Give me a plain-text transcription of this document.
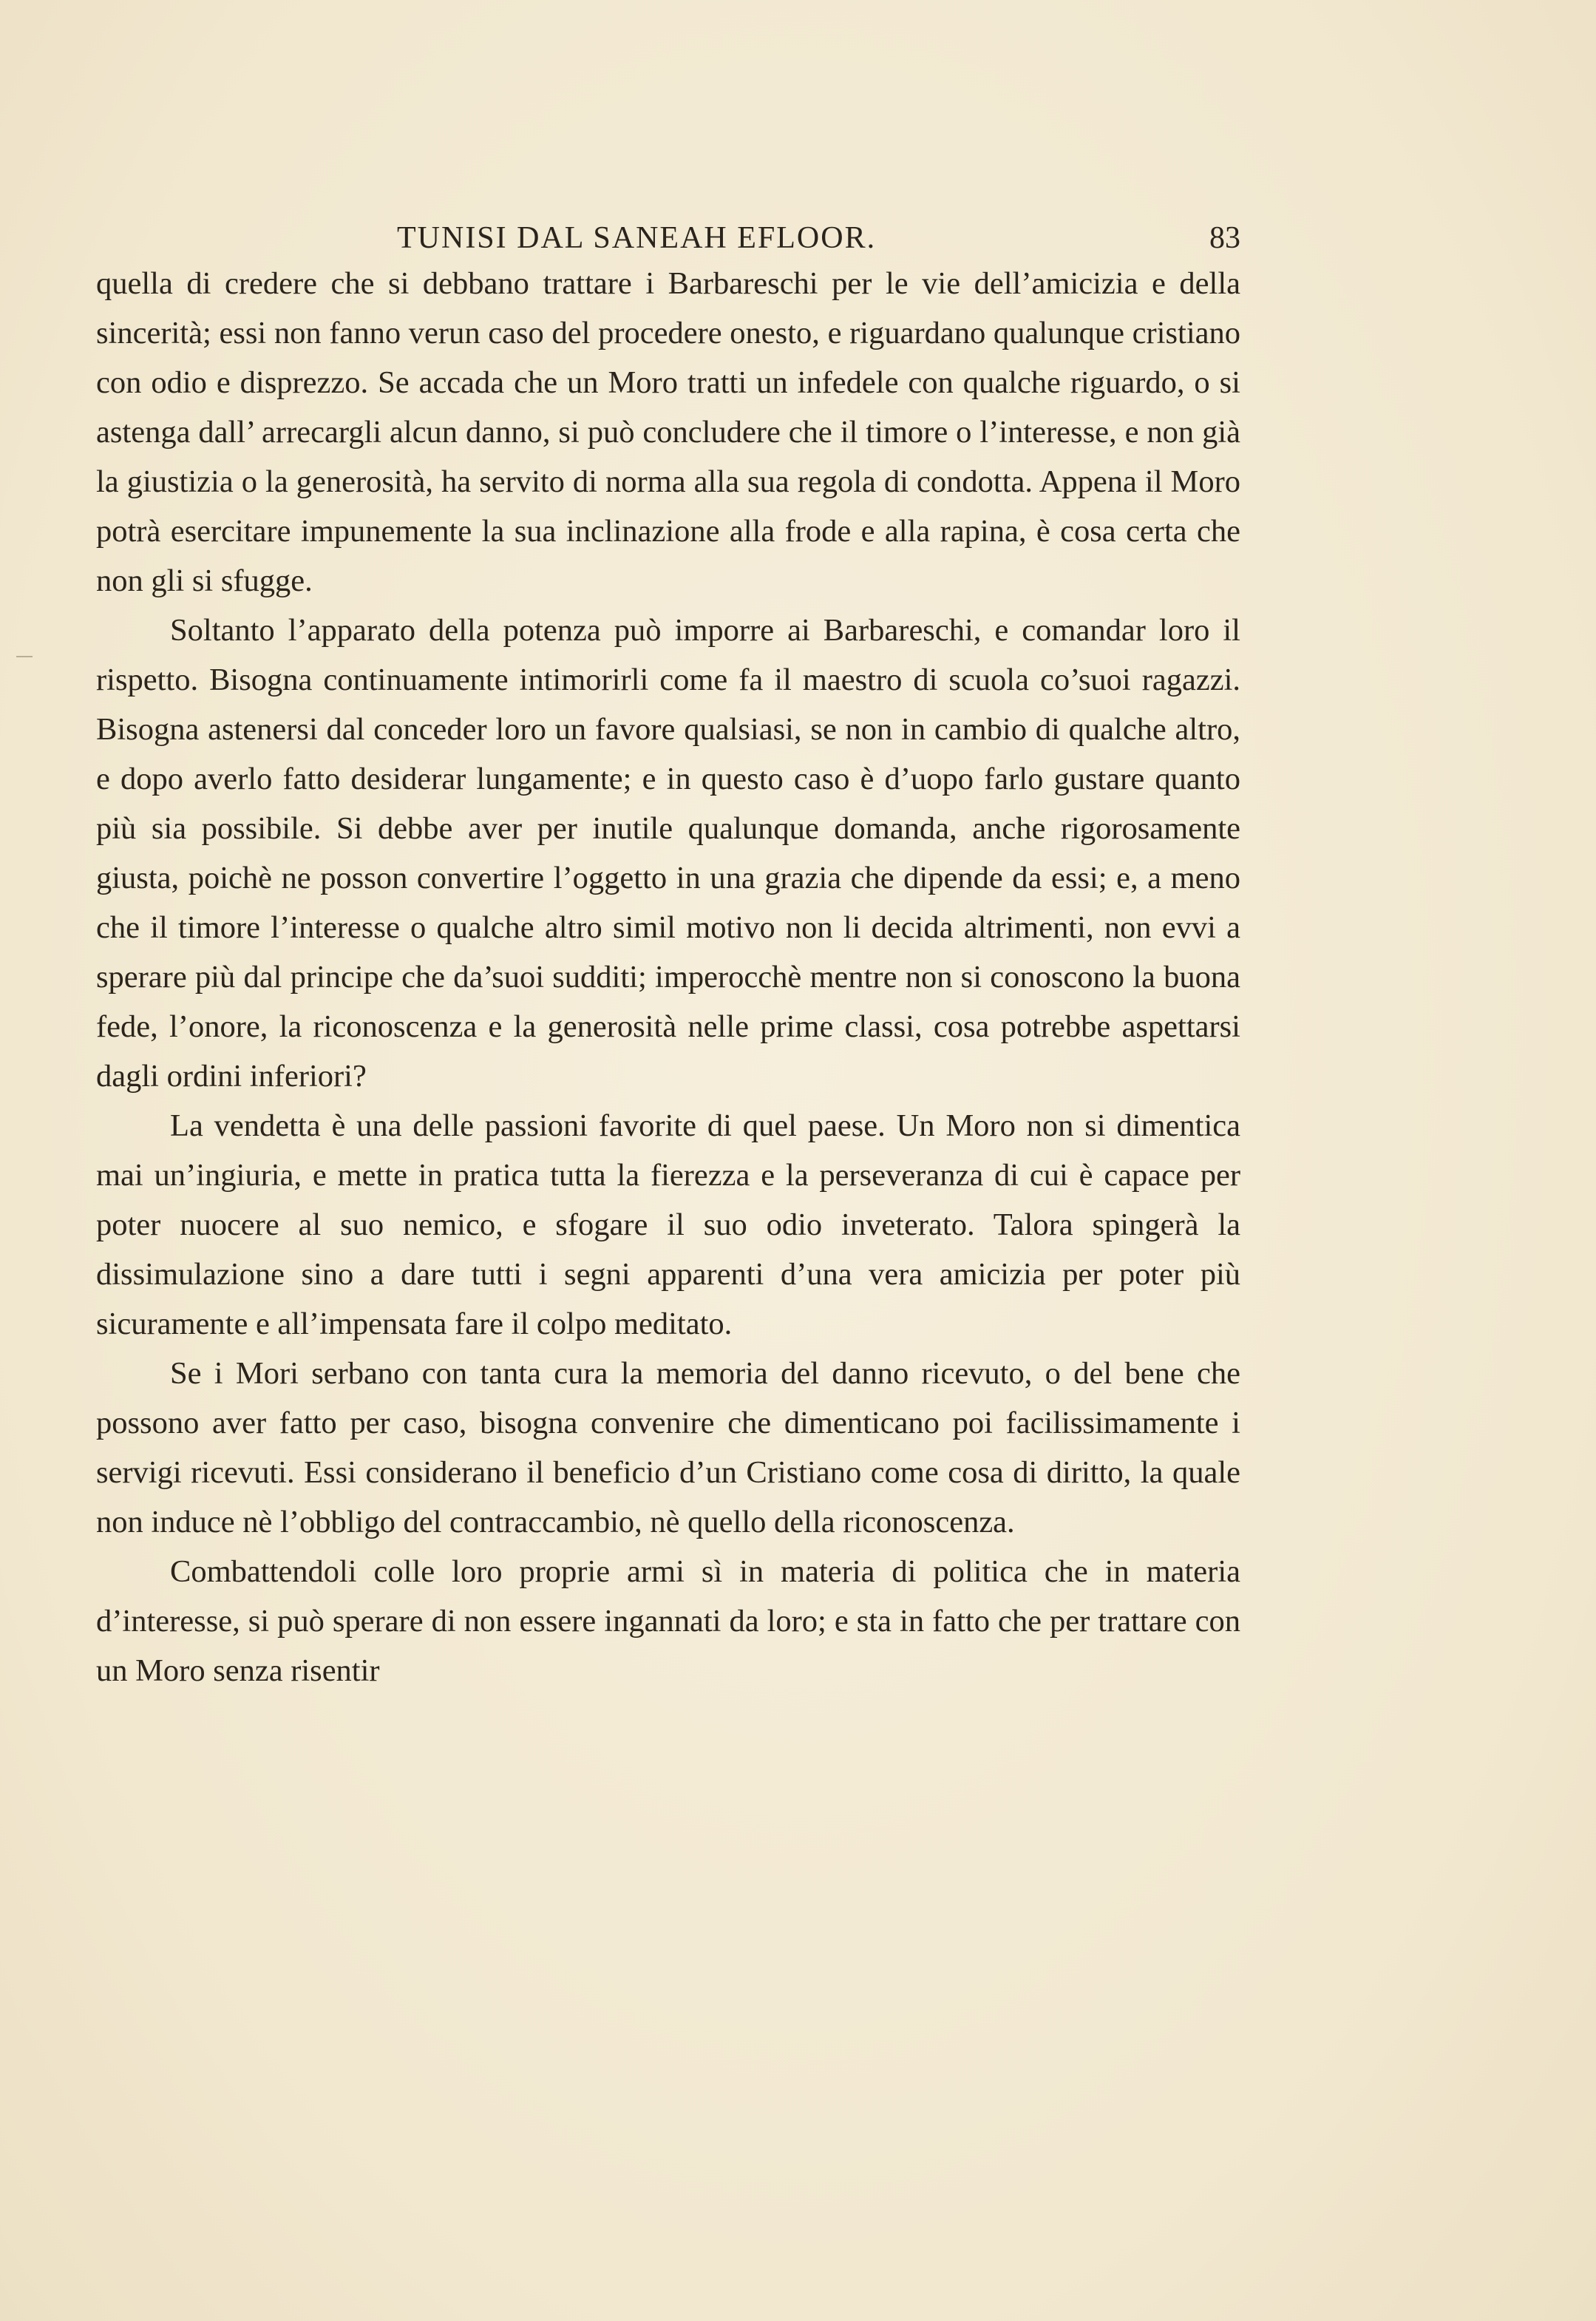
TUNISI DAL SANEAH EFLOOR.	83

quella di credere che si debbano trattare i Barbareschi per le vie dell’amicizia e della sincerità; essi non fanno verun caso del procedere onesto, e riguardano qualunque cristiano con odio e disprezzo. Se accada che un Moro tratti un infedele con qualche riguardo, o si astenga dall’ arrecargli alcun danno, si può concludere che il timore o l’interesse, e non già la giustizia o la generosità, ha servito di norma alla sua regola di condotta. Appena il Moro potrà esercitare impunemente la sua inclinazione alla frode e alla rapina, è cosa certa che non gli si sfugge.

Soltanto l’apparato della potenza può imporre ai Barbareschi, e comandar loro il rispetto. Bisogna continuamente intimorirli come fa il maestro di scuola co’suoi ragazzi. Bisogna astenersi dal conceder loro un favore qualsiasi, se non in cambio di qualche altro, e dopo averlo fatto desiderar lungamente; e in questo caso è d’uopo farlo gustare quanto più sia possibile. Si debbe aver per inutile qualunque domanda, anche rigorosamente giusta, poichè ne posson convertire l’oggetto in una grazia che dipende da essi; e, a meno che il timore l’interesse o qualche altro simil motivo non li decida altrimenti, non evvi a sperare più dal principe che da’suoi sudditi; imperocchè mentre non si conoscono la buona fede, l’onore, la riconoscenza e la generosità nelle prime classi, cosa potrebbe aspettarsi dagli ordini inferiori?

La vendetta è una delle passioni favorite di quel paese. Un Moro non si dimentica mai un’ingiuria, e mette in pratica tutta la fierezza e la perseveranza di cui è capace per poter nuocere al suo nemico, e sfogare il suo odio inveterato. Talora spingerà la dissimulazione sino a dare tutti i segni apparenti d’una vera amicizia per poter più sicuramente e all’impensata fare il colpo meditato.

Se i Mori serbano con tanta cura la memoria del danno ricevuto, o del bene che possono aver fatto per caso, bisogna convenire che dimenticano poi facilissimamente i servigi ricevuti. Essi considerano il beneficio d’un Cristiano come cosa di diritto, la quale non induce nè l’obbligo del contraccambio, nè quello della riconoscenza.

Combattendoli colle loro proprie armi sì in materia di politica che in materia d’interesse, si può sperare di non essere ingannati da loro; e sta in fatto che per trattare con un Moro senza risentir
